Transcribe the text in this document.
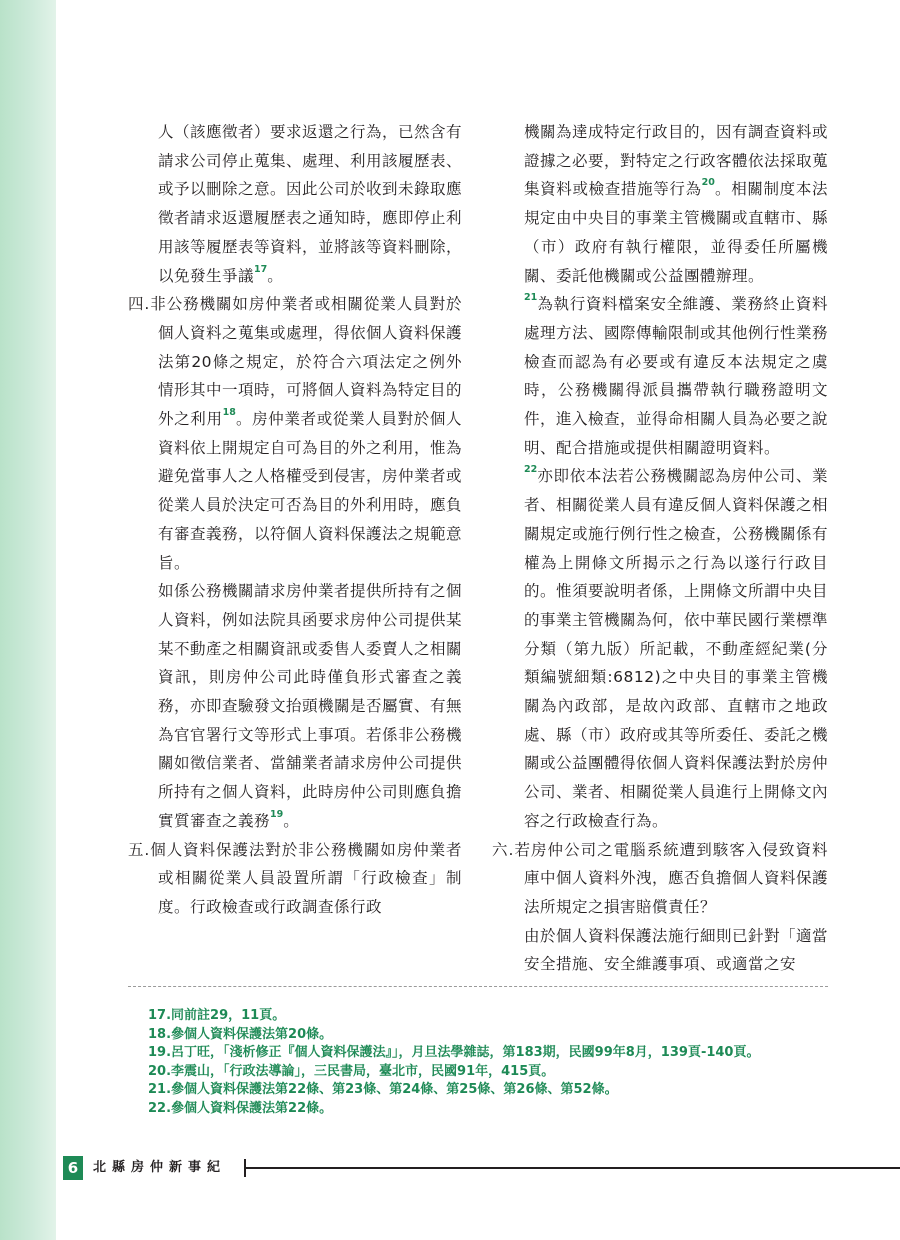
人（該應徵者）要求返還之行為，已然含有請求公司停止蒐集、處理、利用該履歷表、或予以刪除之意。因此公司於收到未錄取應徵者請求返還履歷表之通知時，應即停止利用該等履歷表等資料，並將該等資料刪除，以免發生爭議$^{17}$。

四.非公務機關如房仲業者或相關從業人員對於個人資料之蒐集或處理，得依個人資料保護法第20條之規定，於符合六項法定之例外情形其中一項時，可將個人資料為特定目的外之利用$^{18}$。房仲業者或從業人員對於個人資料依上開規定自可為目的外之利用，惟為避免當事人之人格權受到侵害，房仲業者或從業人員於決定可否為目的外利用時，應負有審查義務，以符個人資料保護法之規範意旨。

如係公務機關請求房仲業者提供所持有之個人資料，例如法院具函要求房仲公司提供某某不動產之相關資訊或委售人委賣人之相關資訊，則房仲公司此時僅負形式審查之義務，亦即查驗發文抬頭機關是否屬實、有無為官官署行文等形式上事項。若係非公務機關如徵信業者、當舖業者請求房仲公司提供所持有之個人資料，此時房仲公司則應負擔實質審查之義務$^{19}$。

五.個人資料保護法對於非公務機關如房仲業者或相關從業人員設置所謂「行政檢查」制度。行政檢查或行政調查係行政

機關為達成特定行政目的，因有調查資料或證據之必要，對特定之行政客體依法採取蒐集資料或檢查措施等行為$^{20}$。相關制度本法規定由中央目的事業主管機關或直轄市、縣（市）政府有執行權限，並得委任所屬機關、委託他機關或公益團體辦理。

$^{21}$為執行資料檔案安全維護、業務終止資料處理方法、國際傳輸限制或其他例行性業務檢查而認為有必要或有違反本法規定之虞時，公務機關得派員攜帶執行職務證明文件，進入檢查，並得命相關人員為必要之說明、配合措施或提供相關證明資料。

$^{22}$亦即依本法若公務機關認為房仲公司、業者、相關從業人員有違反個人資料保護之相關規定或施行例行性之檢查，公務機關係有權為上開條文所揭示之行為以遂行行政目的。惟須要說明者係，上開條文所謂中央目的事業主管機關為何，依中華民國行業標準分類（第九版）所記載，不動產經紀業(分類編號細類:6812)之中央目的事業主管機關為內政部，是故內政部、直轄市之地政處、縣（市）政府或其等所委任、委託之機關或公益團體得依個人資料保護法對於房仲公司、業者、相關從業人員進行上開條文內容之行政檢查行為。

六.若房仲公司之電腦系統遭到駭客入侵致資料庫中個人資料外洩，應否負擔個人資料保護法所規定之損害賠償責任？

由於個人資料保護法施行細則已針對「適當安全措施、安全維護事項、或適當之安

17.同前註29，11頁。

18.參個人資料保護法第20條。

19.呂丁旺，「淺析修正『個人資料保護法』」，月旦法學雜誌，第183期，民國99年8月，139頁-140頁。

20.李震山，「行政法導論」，三民書局，臺北市，民國91年，415頁。

21.參個人資料保護法第22條、第23條、第24條、第25條、第26條、第52條。

22.參個人資料保護法第22條。

6	北縣房仲新事紀
